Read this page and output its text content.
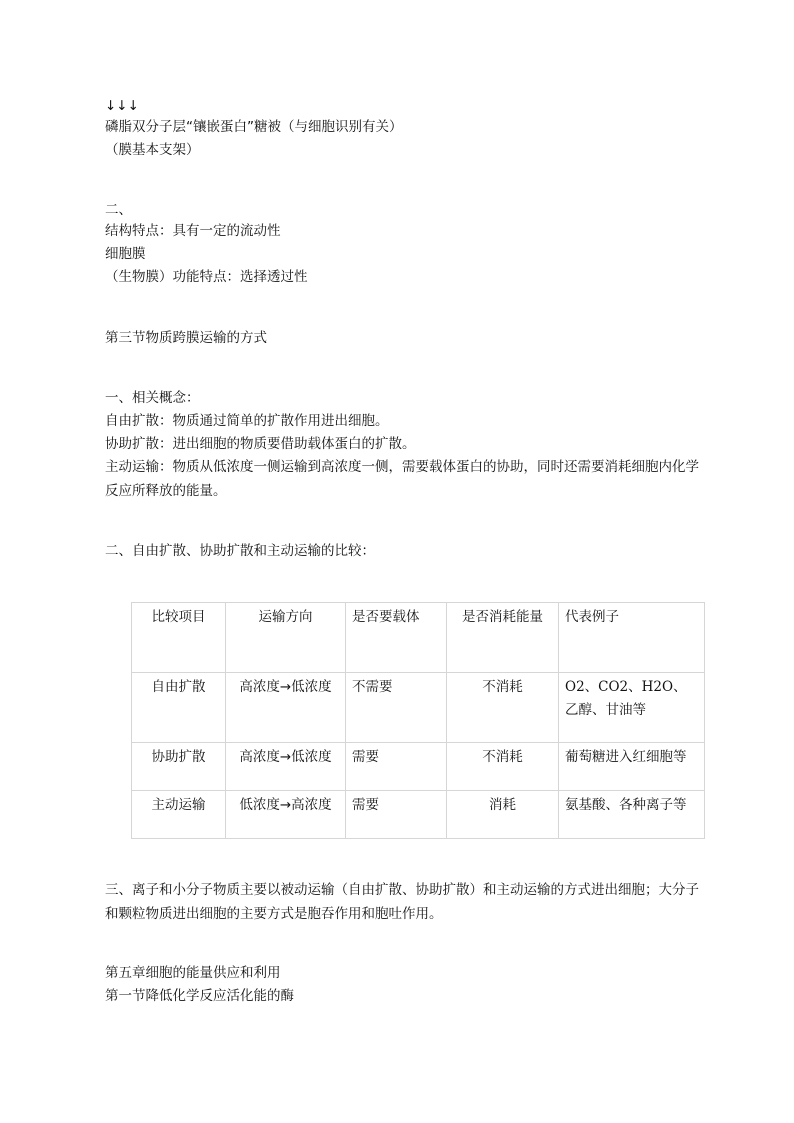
↓↓↓
磷脂双分子层“镶嵌蛋白”糖被（与细胞识别有关）
（膜基本支架）
二、
结构特点：具有一定的流动性
细胞膜
（生物膜）功能特点：选择透过性
第三节物质跨膜运输的方式
一、相关概念：
自由扩散：物质通过简单的扩散作用进出细胞。
协助扩散：进出细胞的物质要借助载体蛋白的扩散。
主动运输：物质从低浓度一侧运输到高浓度一侧，需要载体蛋白的协助，同时还需要消耗细胞内化学反应所释放的能量。
二、自由扩散、协助扩散和主动运输的比较：
比较项目	运输方向	是否要载体	是否消耗能量	代表例子
自由扩散	高浓度→低浓度	不需要	不消耗	O2、CO2、H2O、乙醇、甘油等
协助扩散	高浓度→低浓度	需要	不消耗	葡萄糖进入红细胞等
主动运输	低浓度→高浓度	需要	消耗	氨基酸、各种离子等
三、离子和小分子物质主要以被动运输（自由扩散、协助扩散）和主动运输的方式进出细胞；大分子和颗粒物质进出细胞的主要方式是胞吞作用和胞吐作用。
第五章细胞的能量供应和利用
第一节降低化学反应活化能的酶
